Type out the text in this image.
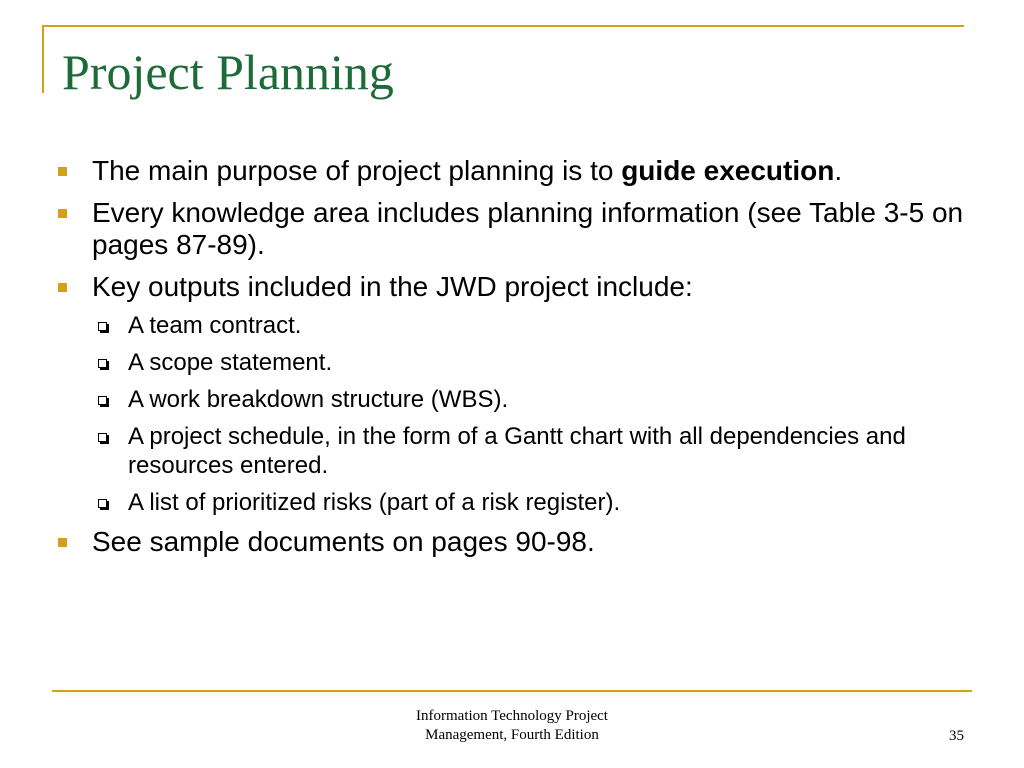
Project Planning
The main purpose of project planning is to guide execution.
Every knowledge area includes planning information (see Table 3-5 on pages 87-89).
Key outputs included in the JWD project include:
A team contract.
A scope statement.
A work breakdown structure (WBS).
A project schedule, in the form of a Gantt chart with all dependencies and resources entered.
A list of prioritized risks (part of a risk register).
See sample documents on pages 90-98.
Information Technology Project
Management, Fourth Edition	35
